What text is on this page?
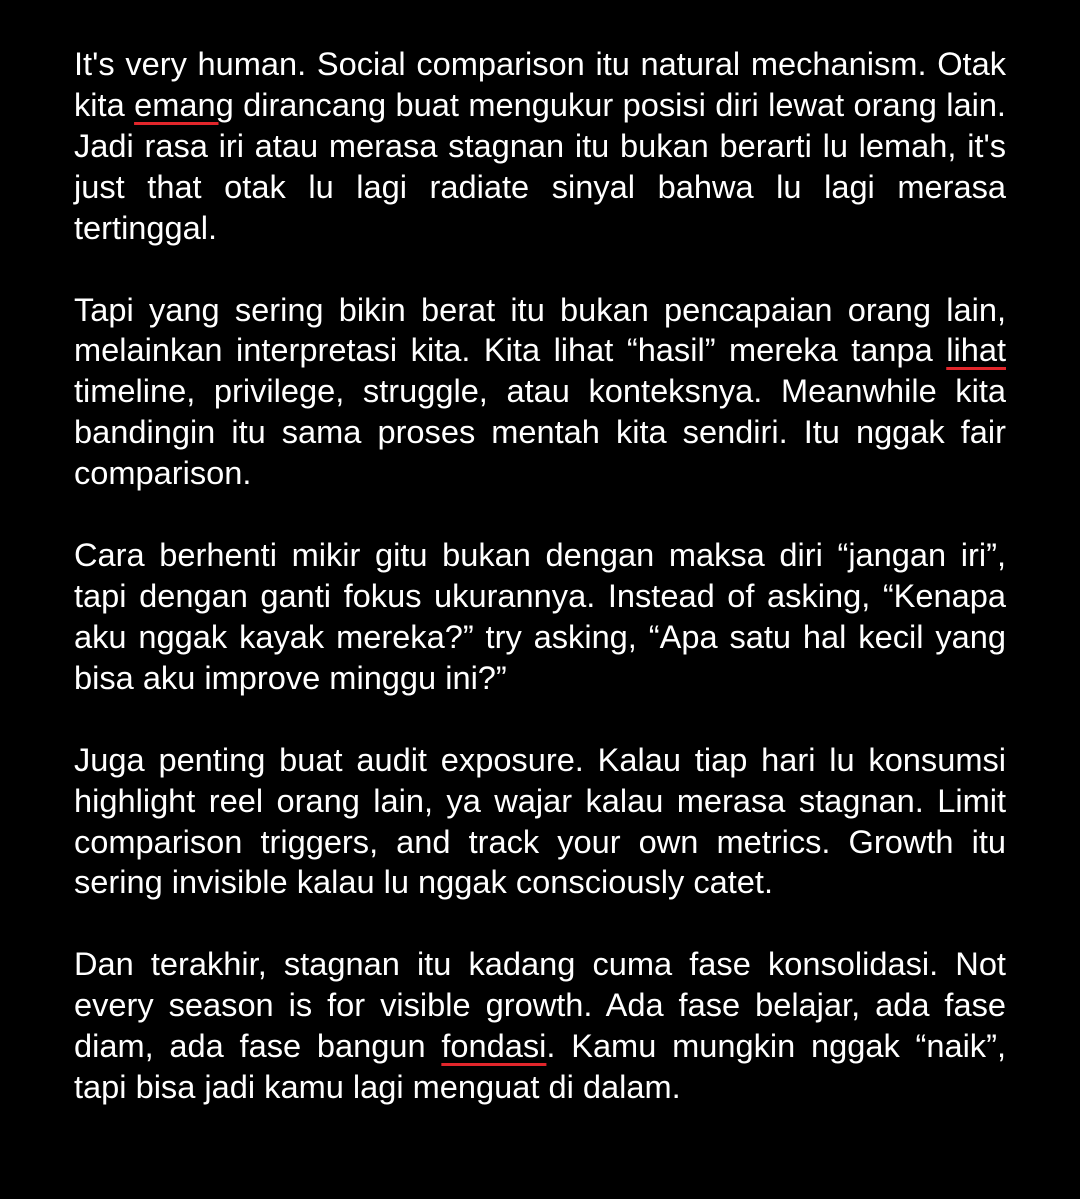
It's very human. Social comparison itu natural mechanism. Otak kita emang dirancang buat mengukur posisi diri lewat orang lain. Jadi rasa iri atau merasa stagnan itu bukan berarti lu lemah, it's just that otak lu lagi radiate sinyal bahwa lu lagi merasa tertinggal.

Tapi yang sering bikin berat itu bukan pencapaian orang lain, melainkan interpretasi kita. Kita lihat “hasil” mereka tanpa lihat timeline, privilege, struggle, atau konteksnya. Meanwhile kita bandingin itu sama proses mentah kita sendiri. Itu nggak fair comparison.

Cara berhenti mikir gitu bukan dengan maksa diri “jangan iri”, tapi dengan ganti fokus ukurannya. Instead of asking, “Kenapa aku nggak kayak mereka?” try asking, “Apa satu hal kecil yang bisa aku improve minggu ini?”

Juga penting buat audit exposure. Kalau tiap hari lu konsumsi highlight reel orang lain, ya wajar kalau merasa stagnan. Limit comparison triggers, and track your own metrics. Growth itu sering invisible kalau lu nggak consciously catet.

Dan terakhir, stagnan itu kadang cuma fase konsolidasi. Not every season is for visible growth. Ada fase belajar, ada fase diam, ada fase bangun fondasi. Kamu mungkin nggak “naik”, tapi bisa jadi kamu lagi menguat di dalam.
